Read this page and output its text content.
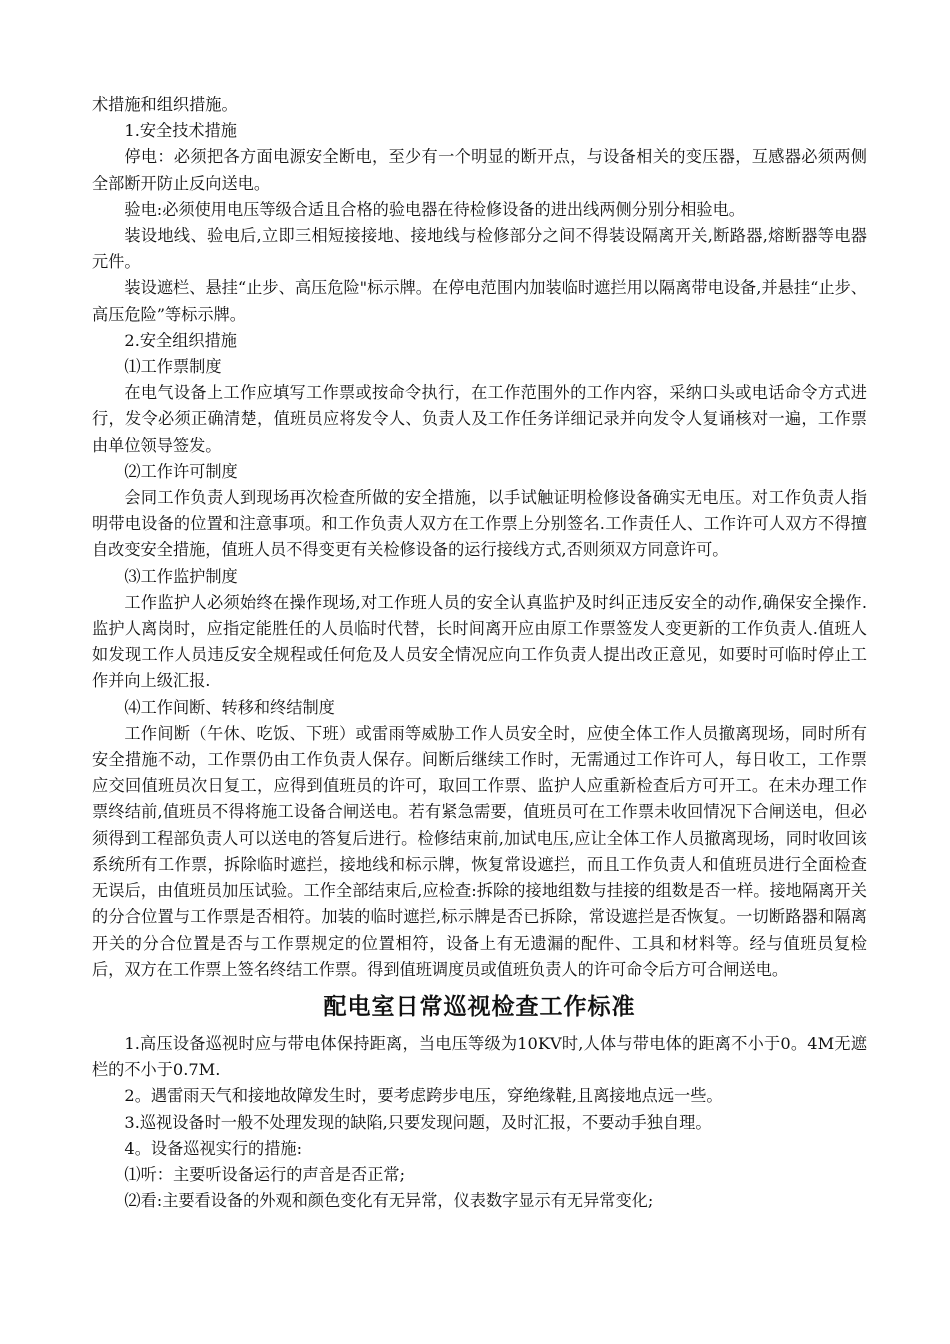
术措施和组织措施。

1.安全技术措施

停电：必须把各方面电源安全断电，至少有一个明显的断开点，与设备相关的变压器，互感器必须两侧全部断开防止反向送电。

验电:必须使用电压等级合适且合格的验电器在待检修设备的进出线两侧分别分相验电。

装设地线、验电后,立即三相短接接地、接地线与检修部分之间不得装设隔离开关,断路器,熔断器等电器元件。

装设遮栏、悬挂“止步、高压危险"标示牌。在停电范围内加装临时遮拦用以隔离带电设备,并悬挂“止步、高压危险”等标示牌。

2.安全组织措施

⑴工作票制度

在电气设备上工作应填写工作票或按命令执行，在工作范围外的工作内容，采纳口头或电话命令方式进行，发令必须正确清楚，值班员应将发令人、负责人及工作任务详细记录并向发令人复诵核对一遍，工作票由单位领导签发。

⑵工作许可制度

会同工作负责人到现场再次检查所做的安全措施，以手试触证明检修设备确实无电压。对工作负责人指明带电设备的位置和注意事项。和工作负责人双方在工作票上分别签名.工作责任人、工作许可人双方不得擅自改变安全措施，值班人员不得变更有关检修设备的运行接线方式,否则须双方同意许可。

⑶工作监护制度

工作监护人必须始终在操作现场,对工作班人员的安全认真监护及时纠正违反安全的动作,确保安全操作.监护人离岗时，应指定能胜任的人员临时代替，长时间离开应由原工作票签发人变更新的工作负责人.值班人如发现工作人员违反安全规程或任何危及人员安全情况应向工作负责人提出改正意见，如要时可临时停止工作并向上级汇报.

⑷工作间断、转移和终结制度

工作间断（午休、吃饭、下班）或雷雨等威胁工作人员安全时，应使全体工作人员撤离现场，同时所有安全措施不动，工作票仍由工作负责人保存。间断后继续工作时，无需通过工作许可人，每日收工，工作票应交回值班员次日复工，应得到值班员的许可，取回工作票、监护人应重新检查后方可开工。在未办理工作票终结前,值班员不得将施工设备合闸送电。若有紧急需要，值班员可在工作票未收回情况下合闸送电，但必须得到工程部负责人可以送电的答复后进行。检修结束前,加试电压,应让全体工作人员撤离现场，同时收回该系统所有工作票，拆除临时遮拦，接地线和标示牌，恢复常设遮拦，而且工作负责人和值班员进行全面检查无误后，由值班员加压试验。工作全部结束后,应检查:拆除的接地组数与挂接的组数是否一样。接地隔离开关的分合位置与工作票是否相符。加装的临时遮拦,标示牌是否已拆除，常设遮拦是否恢复。一切断路器和隔离开关的分合位置是否与工作票规定的位置相符，设备上有无遗漏的配件、工具和材料等。经与值班员复检后，双方在工作票上签名终结工作票。得到值班调度员或值班负责人的许可命令后方可合闸送电。

配电室日常巡视检查工作标准

1.高压设备巡视时应与带电体保持距离，当电压等级为10KV时,人体与带电体的距离不小于0。4M无遮栏的不小于0.7M.

2。遇雷雨天气和接地故障发生时，要考虑跨步电压，穿绝缘鞋,且离接地点远一些。

3.巡视设备时一般不处理发现的缺陷,只要发现问题，及时汇报，不要动手独自理。

4。设备巡视实行的措施:

⑴听：主要听设备运行的声音是否正常;

⑵看:主要看设备的外观和颜色变化有无异常，仪表数字显示有无异常变化;
